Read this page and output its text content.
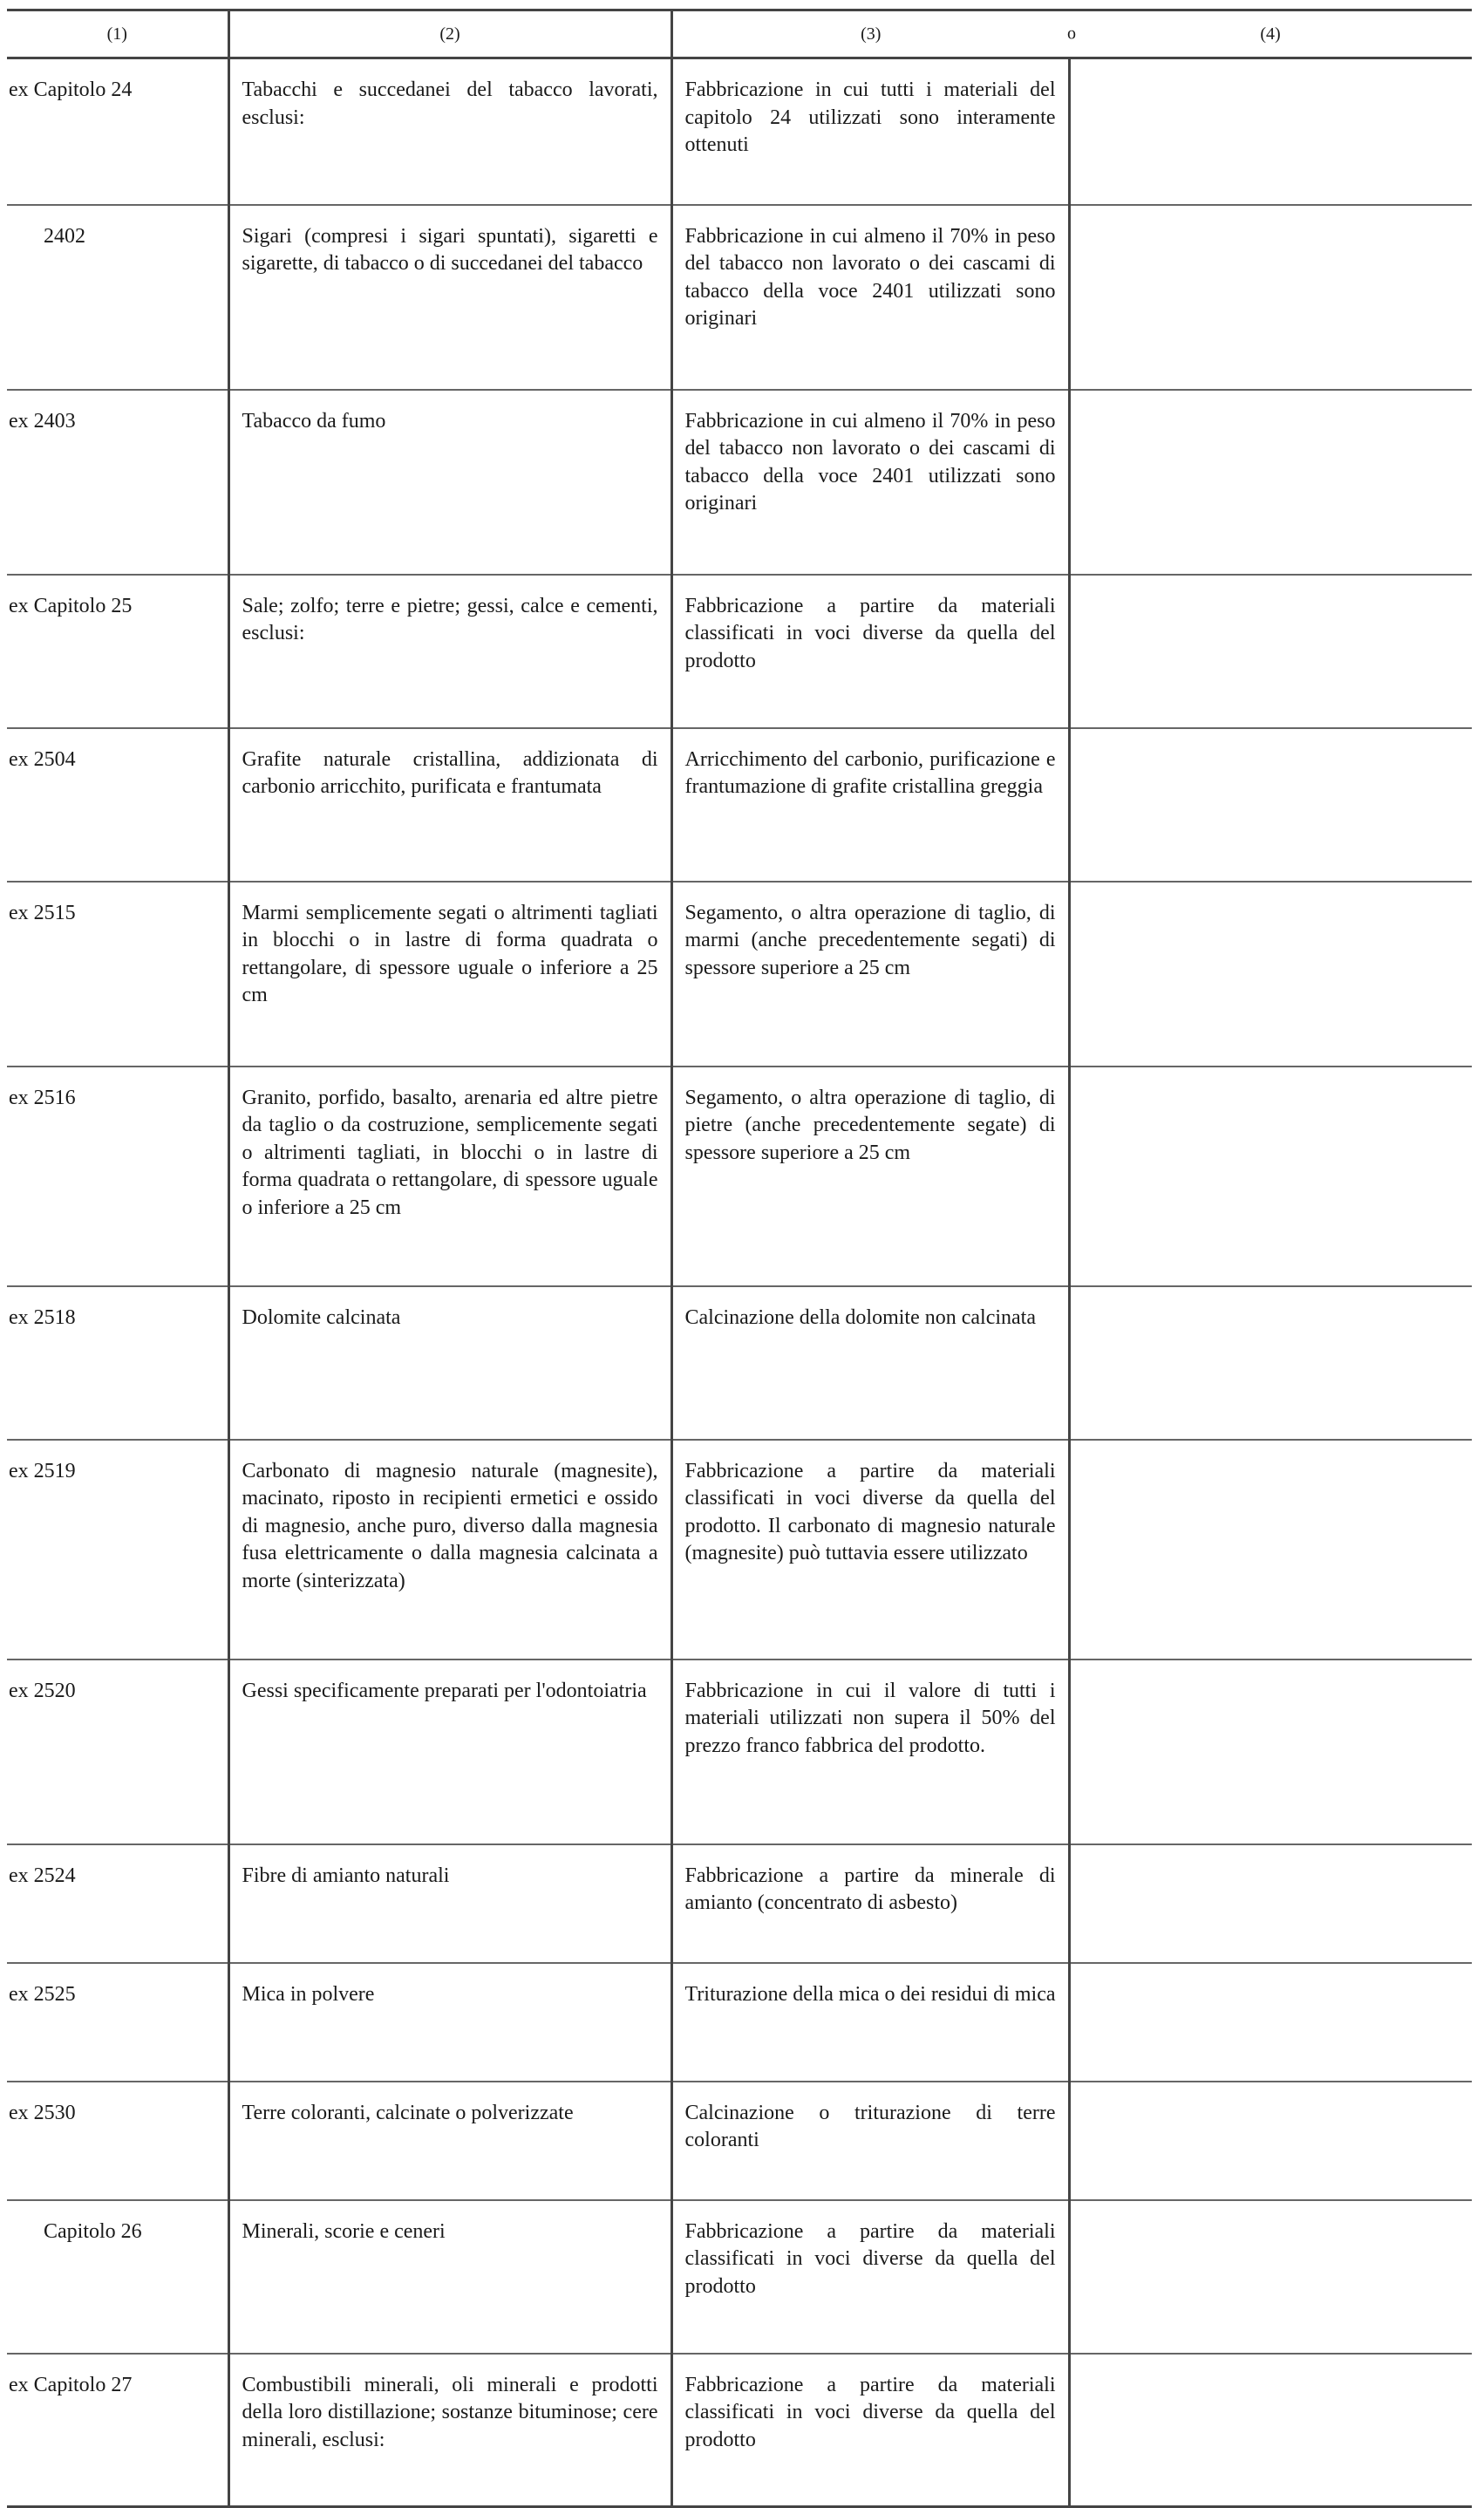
(1)	(2)	(3) o	(4)
ex Capitolo 24	Tabacchi e succedanei del tabacco lavorati, esclusi:	Fabbricazione in cui tutti i materiali del capitolo 24 utilizzati sono interamente ottenuti	
2402	Sigari (compresi i sigari spuntati), sigaretti e sigarette, di tabacco o di succedanei del tabacco	Fabbricazione in cui almeno il 70% in peso del tabacco non lavorato o dei cascami di tabacco della voce 2401 utilizzati sono originari	
ex 2403	Tabacco da fumo	Fabbricazione in cui almeno il 70% in peso del tabacco non lavorato o dei cascami di tabacco della voce 2401 utilizzati sono originari	
ex Capitolo 25	Sale; zolfo; terre e pietre; gessi, calce e cementi, esclusi:	Fabbricazione a partire da materiali classificati in voci diverse da quella del prodotto	
ex 2504	Grafite naturale cristallina, addizionata di carbonio arricchito, purificata e frantumata	Arricchimento del carbonio, purificazione e frantumazione di grafite cristallina greggia	
ex 2515	Marmi semplicemente segati o altrimenti tagliati in blocchi o in lastre di forma quadrata o rettangolare, di spessore uguale o inferiore a 25 cm	Segamento, o altra operazione di taglio, di marmi (anche precedentemente segati) di spessore superiore a 25 cm	
ex 2516	Granito, porfido, basalto, arenaria ed altre pietre da taglio o da costruzione, semplicemente segati o altrimenti tagliati, in blocchi o in lastre di forma quadrata o rettangolare, di spessore uguale o inferiore a 25 cm	Segamento, o altra operazione di taglio, di pietre (anche precedentemente segate) di spessore superiore a 25 cm	
ex 2518	Dolomite calcinata	Calcinazione della dolomite non calcinata	
ex 2519	Carbonato di magnesio naturale (magnesite), macinato, riposto in recipienti ermetici e ossido di magnesio, anche puro, diverso dalla magnesia fusa elettricamente o dalla magnesia calcinata a morte (sinterizzata)	Fabbricazione a partire da materiali classificati in voci diverse da quella del prodotto. Il carbonato di magnesio naturale (magnesite) può tuttavia essere utilizzato	
ex 2520	Gessi specificamente preparati per l'odontoiatria	Fabbricazione in cui il valore di tutti i materiali utilizzati non supera il 50% del prezzo franco fabbrica del prodotto.	
ex 2524	Fibre di amianto naturali	Fabbricazione a partire da minerale di amianto (concentrato di asbesto)	
ex 2525	Mica in polvere	Triturazione della mica o dei residui di mica	
ex 2530	Terre coloranti, calcinate o polverizzate	Calcinazione o triturazione di terre coloranti	
Capitolo 26	Minerali, scorie e ceneri	Fabbricazione a partire da materiali classificati in voci diverse da quella del prodotto	
ex Capitolo 27	Combustibili minerali, oli minerali e prodotti della loro distillazione; sostanze bituminose; cere minerali, esclusi:	Fabbricazione a partire da materiali classificati in voci diverse da quella del prodotto	
